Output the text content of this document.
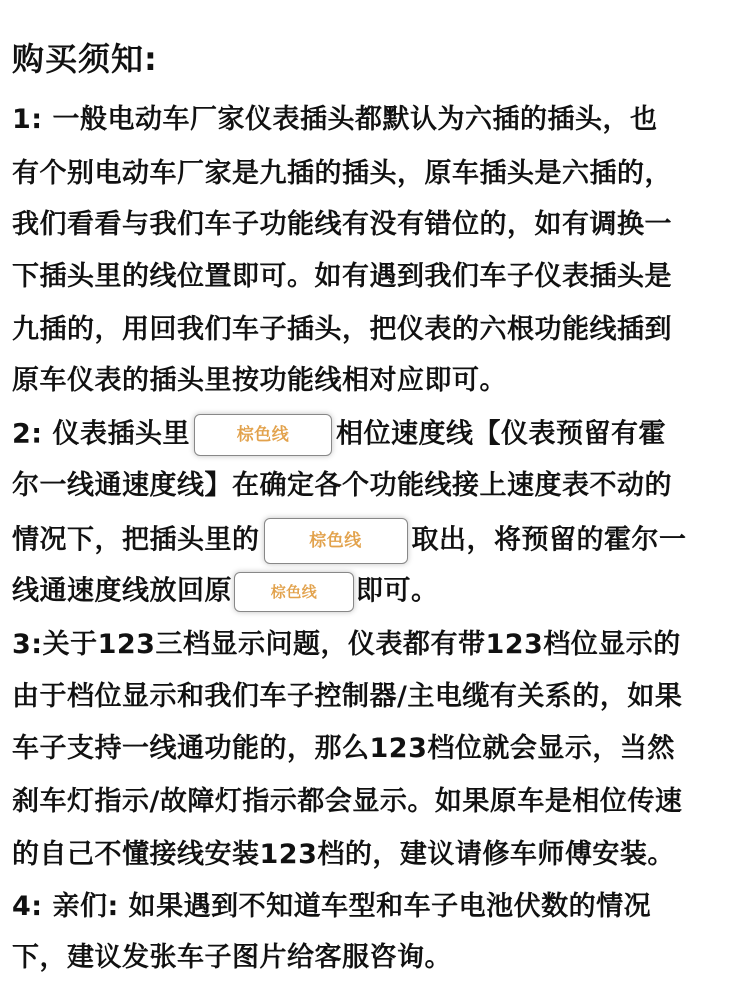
购买须知:
1: 一般电动车厂家仪表插头都默认为六插的插头，也
有个别电动车厂家是九插的插头，原车插头是六插的，
我们看看与我们车子功能线有没有错位的，如有调换一
下插头里的线位置即可。如有遇到我们车子仪表插头是
九插的，用回我们车子插头，把仪表的六根功能线插到
原车仪表的插头里按功能线相对应即可。
2: 仪表插头里	棕色线 相位速度线【仪表预留有霍
尔一线通速度线】在确定各个功能线接上速度表不动的
情况下，把插头里的	棕色线 取出，将预留的霍尔一
线通速度线放回原	棕色线 即可。
3:关于123三档显示问题，仪表都有带123档位显示的
由于档位显示和我们车子控制器/主电缆有关系的，如果
车子支持一线通功能的，那么123档位就会显示，当然
刹车灯指示/故障灯指示都会显示。如果原车是相位传速
的自己不懂接线安装123档的，建议请修车师傅安装。
4: 亲们: 如果遇到不知道车型和车子电池伏数的情况
下，建议发张车子图片给客服咨询。
